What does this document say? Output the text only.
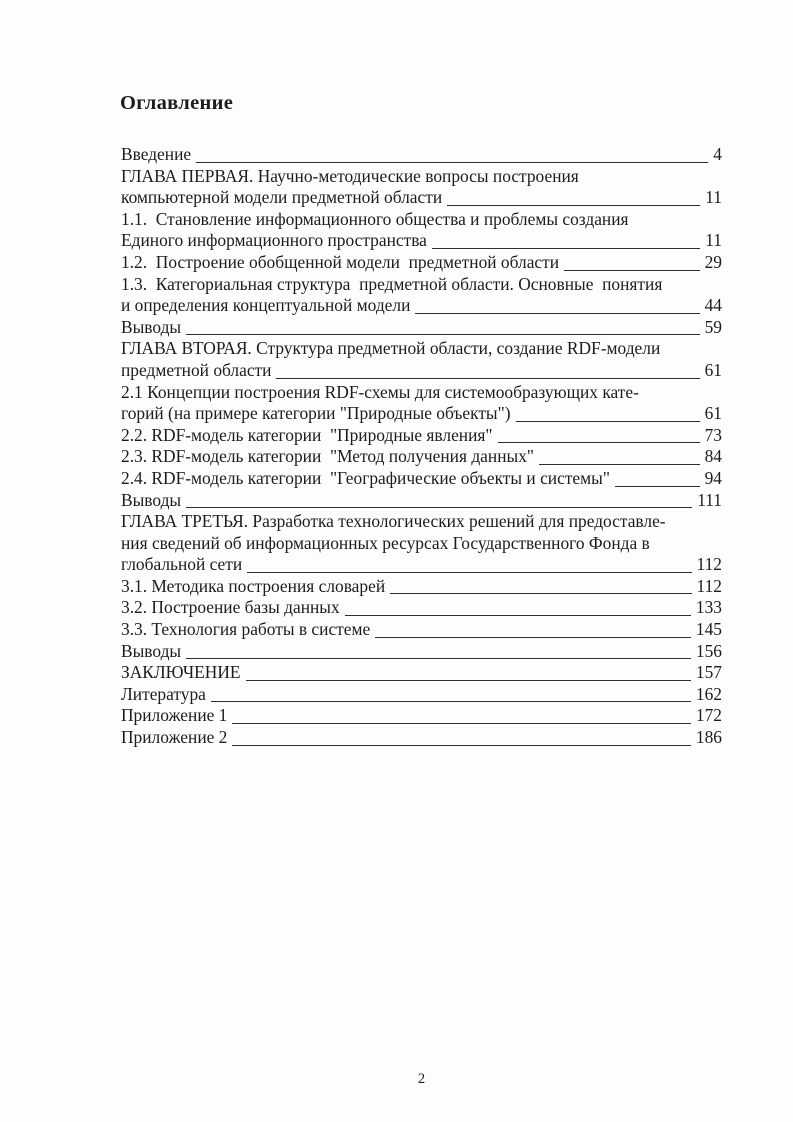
Оглавление
Введение	4
ГЛАВА ПЕРВАЯ. Научно-методические вопросы построения
компьютерной модели предметной области	11
1.1.  Становление информационного общества и проблемы создания
Единого информационного пространства	11
1.2.  Построение обобщенной модели  предметной области	29
1.3.  Категориальная структура  предметной области. Основные  понятия
и определения концептуальной модели	44
Выводы	59
ГЛАВА ВТОРАЯ. Структура предметной области, создание RDF-модели
предметной области	61
2.1 Концепции построения RDF-схемы для системообразующих кате-
горий (на примере категории "Природные объекты")	61
2.2. RDF-модель категории  "Природные явления"	73
2.3. RDF-модель категории  "Метод получения данных"	84
2.4. RDF-модель категории  "Географические объекты и системы"	94
Выводы	111
ГЛАВА ТРЕТЬЯ. Разработка технологических решений для предоставле-
ния сведений об информационных ресурсах Государственного Фонда в
глобальной сети	112
3.1. Методика построения словарей	112
3.2. Построение базы данных	133
3.3. Технология работы в системе	145
Выводы	156
ЗАКЛЮЧЕНИЕ	157
Литература	162
Приложение 1	172
Приложение 2	186
2
